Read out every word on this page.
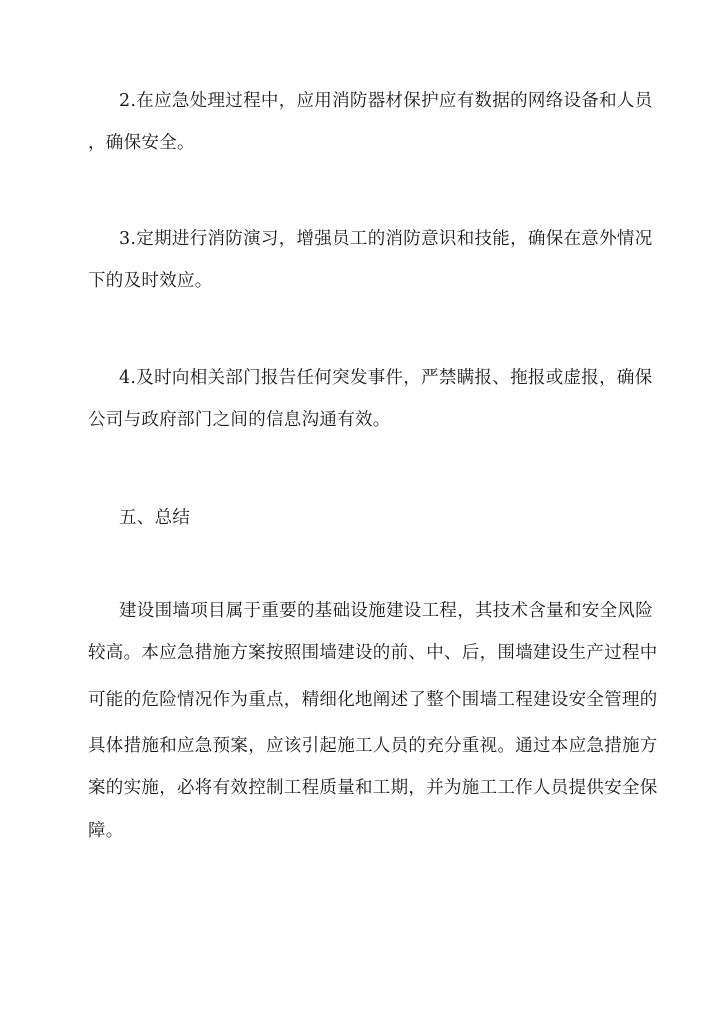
2.在应急处理过程中，应用消防器材保护应有数据的网络设备和人员
，确保安全。
3.定期进行消防演习，增强员工的消防意识和技能，确保在意外情况
下的及时效应。
4.及时向相关部门报告任何突发事件，严禁瞒报、拖报或虚报，确保
公司与政府部门之间的信息沟通有效。
五、总结
建设围墙项目属于重要的基础设施建设工程，其技术含量和安全风险
较高。本应急措施方案按照围墙建设的前、中、后，围墙建设生产过程中
可能的危险情况作为重点，精细化地阐述了整个围墙工程建设安全管理的
具体措施和应急预案，应该引起施工人员的充分重视。通过本应急措施方
案的实施，必将有效控制工程质量和工期，并为施工工作人员提供安全保
障。
